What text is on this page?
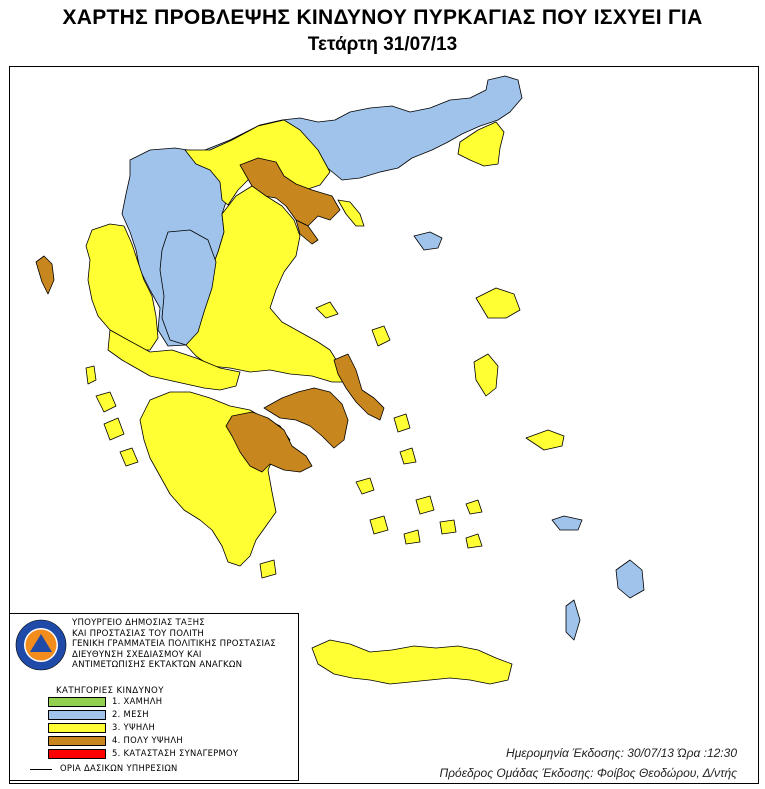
ΧΑΡΤΗΣ ΠΡΟΒΛΕΨΗΣ ΚΙΝΔΥΝΟΥ ΠΥΡΚΑΓΙΑΣ ΠΟΥ ΙΣΧΥΕΙ ΓΙΑ
Τετάρτη 31/07/13
ΥΠΟΥΡΓΕΙΟ ΔΗΜΟΣΙΑΣ ΤΑΞΗΣ
ΚΑΙ ΠΡΟΣΤΑΣΙΑΣ ΤΟΥ ΠΟΛΙΤΗ
ΓΕΝΙΚΗ ΓΡΑΜΜΑΤΕΙΑ ΠΟΛΙΤΙΚΗΣ ΠΡΟΣΤΑΣΙΑΣ
ΔΙΕΥΘΥΝΣΗ ΣΧΕΔΙΑΣΜΟΥ ΚΑΙ
ΑΝΤΙΜΕΤΩΠΙΣΗΣ ΕΚΤΑΚΤΩΝ ΑΝΑΓΚΩΝ
ΚΑΤΗΓΟΡΙΕΣ ΚΙΝΔΥΝΟΥ
1. ΧΑΜΗΛΗ
2. ΜΕΣΗ
3. ΥΨΗΛΗ
4. ΠΟΛΥ ΥΨΗΛΗ
5. ΚΑΤΑΣΤΑΣΗ ΣΥΝΑΓΕΡΜΟΥ
ΟΡΙΑ ΔΑΣΙΚΩΝ ΥΠΗΡΕΣΙΩΝ
Ημερομηνία Έκδοσης: 30/07/13 Ώρα :12:30
Πρόεδρος Ομάδας Έκδοσης: Φοίβος Θεοδώρου, Δ/ντής
